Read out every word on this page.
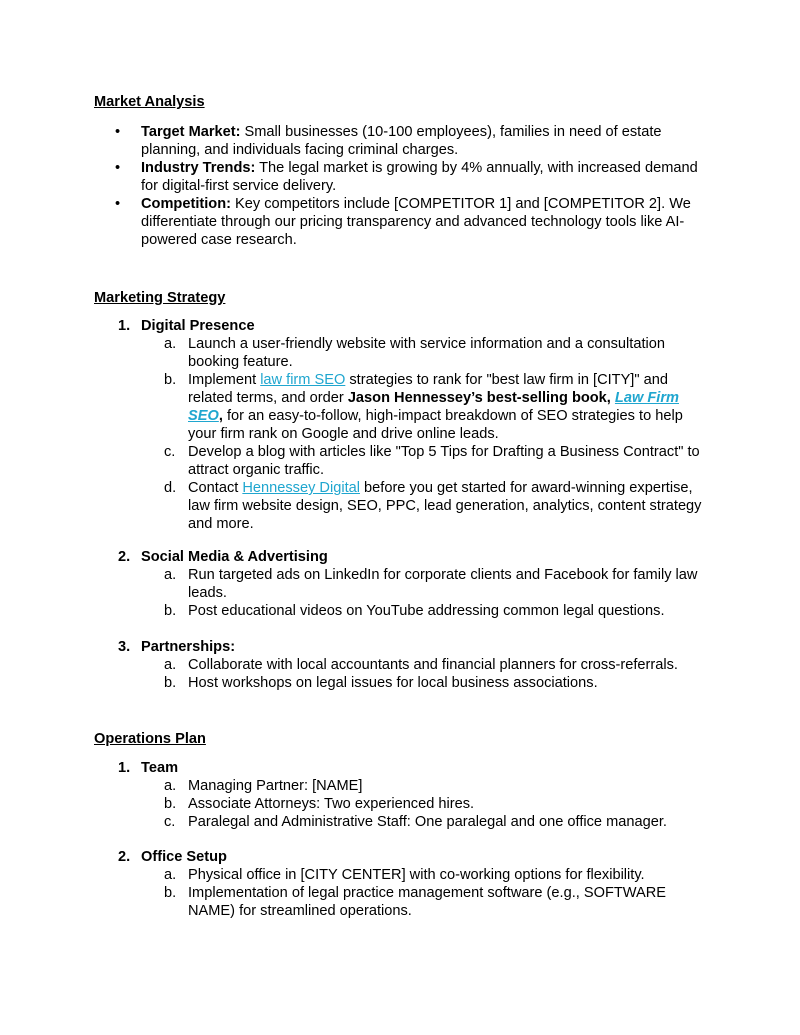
Market Analysis
• Target Market: Small businesses (10-100 employees), families in need of estate planning, and individuals facing criminal charges.
• Industry Trends: The legal market is growing by 4% annually, with increased demand for digital-first service delivery.
• Competition: Key competitors include [COMPETITOR 1] and [COMPETITOR 2]. We differentiate through our pricing transparency and advanced technology tools like AI-powered case research.
Marketing Strategy
1. Digital Presence
a. Launch a user-friendly website with service information and a consultation booking feature.
b. Implement law firm SEO strategies to rank for "best law firm in [CITY]" and related terms, and order Jason Hennessey’s best-selling book, Law Firm SEO, for an easy-to-follow, high-impact breakdown of SEO strategies to help your firm rank on Google and drive online leads.
c. Develop a blog with articles like "Top 5 Tips for Drafting a Business Contract" to attract organic traffic.
d. Contact Hennessey Digital before you get started for award-winning expertise, law firm website design, SEO, PPC, lead generation, analytics, content strategy and more.
2. Social Media & Advertising
a. Run targeted ads on LinkedIn for corporate clients and Facebook for family law leads.
b. Post educational videos on YouTube addressing common legal questions.
3. Partnerships:
a. Collaborate with local accountants and financial planners for cross-referrals.
b. Host workshops on legal issues for local business associations.
Operations Plan
1. Team
a. Managing Partner: [NAME]
b. Associate Attorneys: Two experienced hires.
c. Paralegal and Administrative Staff: One paralegal and one office manager.
2. Office Setup
a. Physical office in [CITY CENTER] with co-working options for flexibility.
b. Implementation of legal practice management software (e.g., SOFTWARE NAME) for streamlined operations.
